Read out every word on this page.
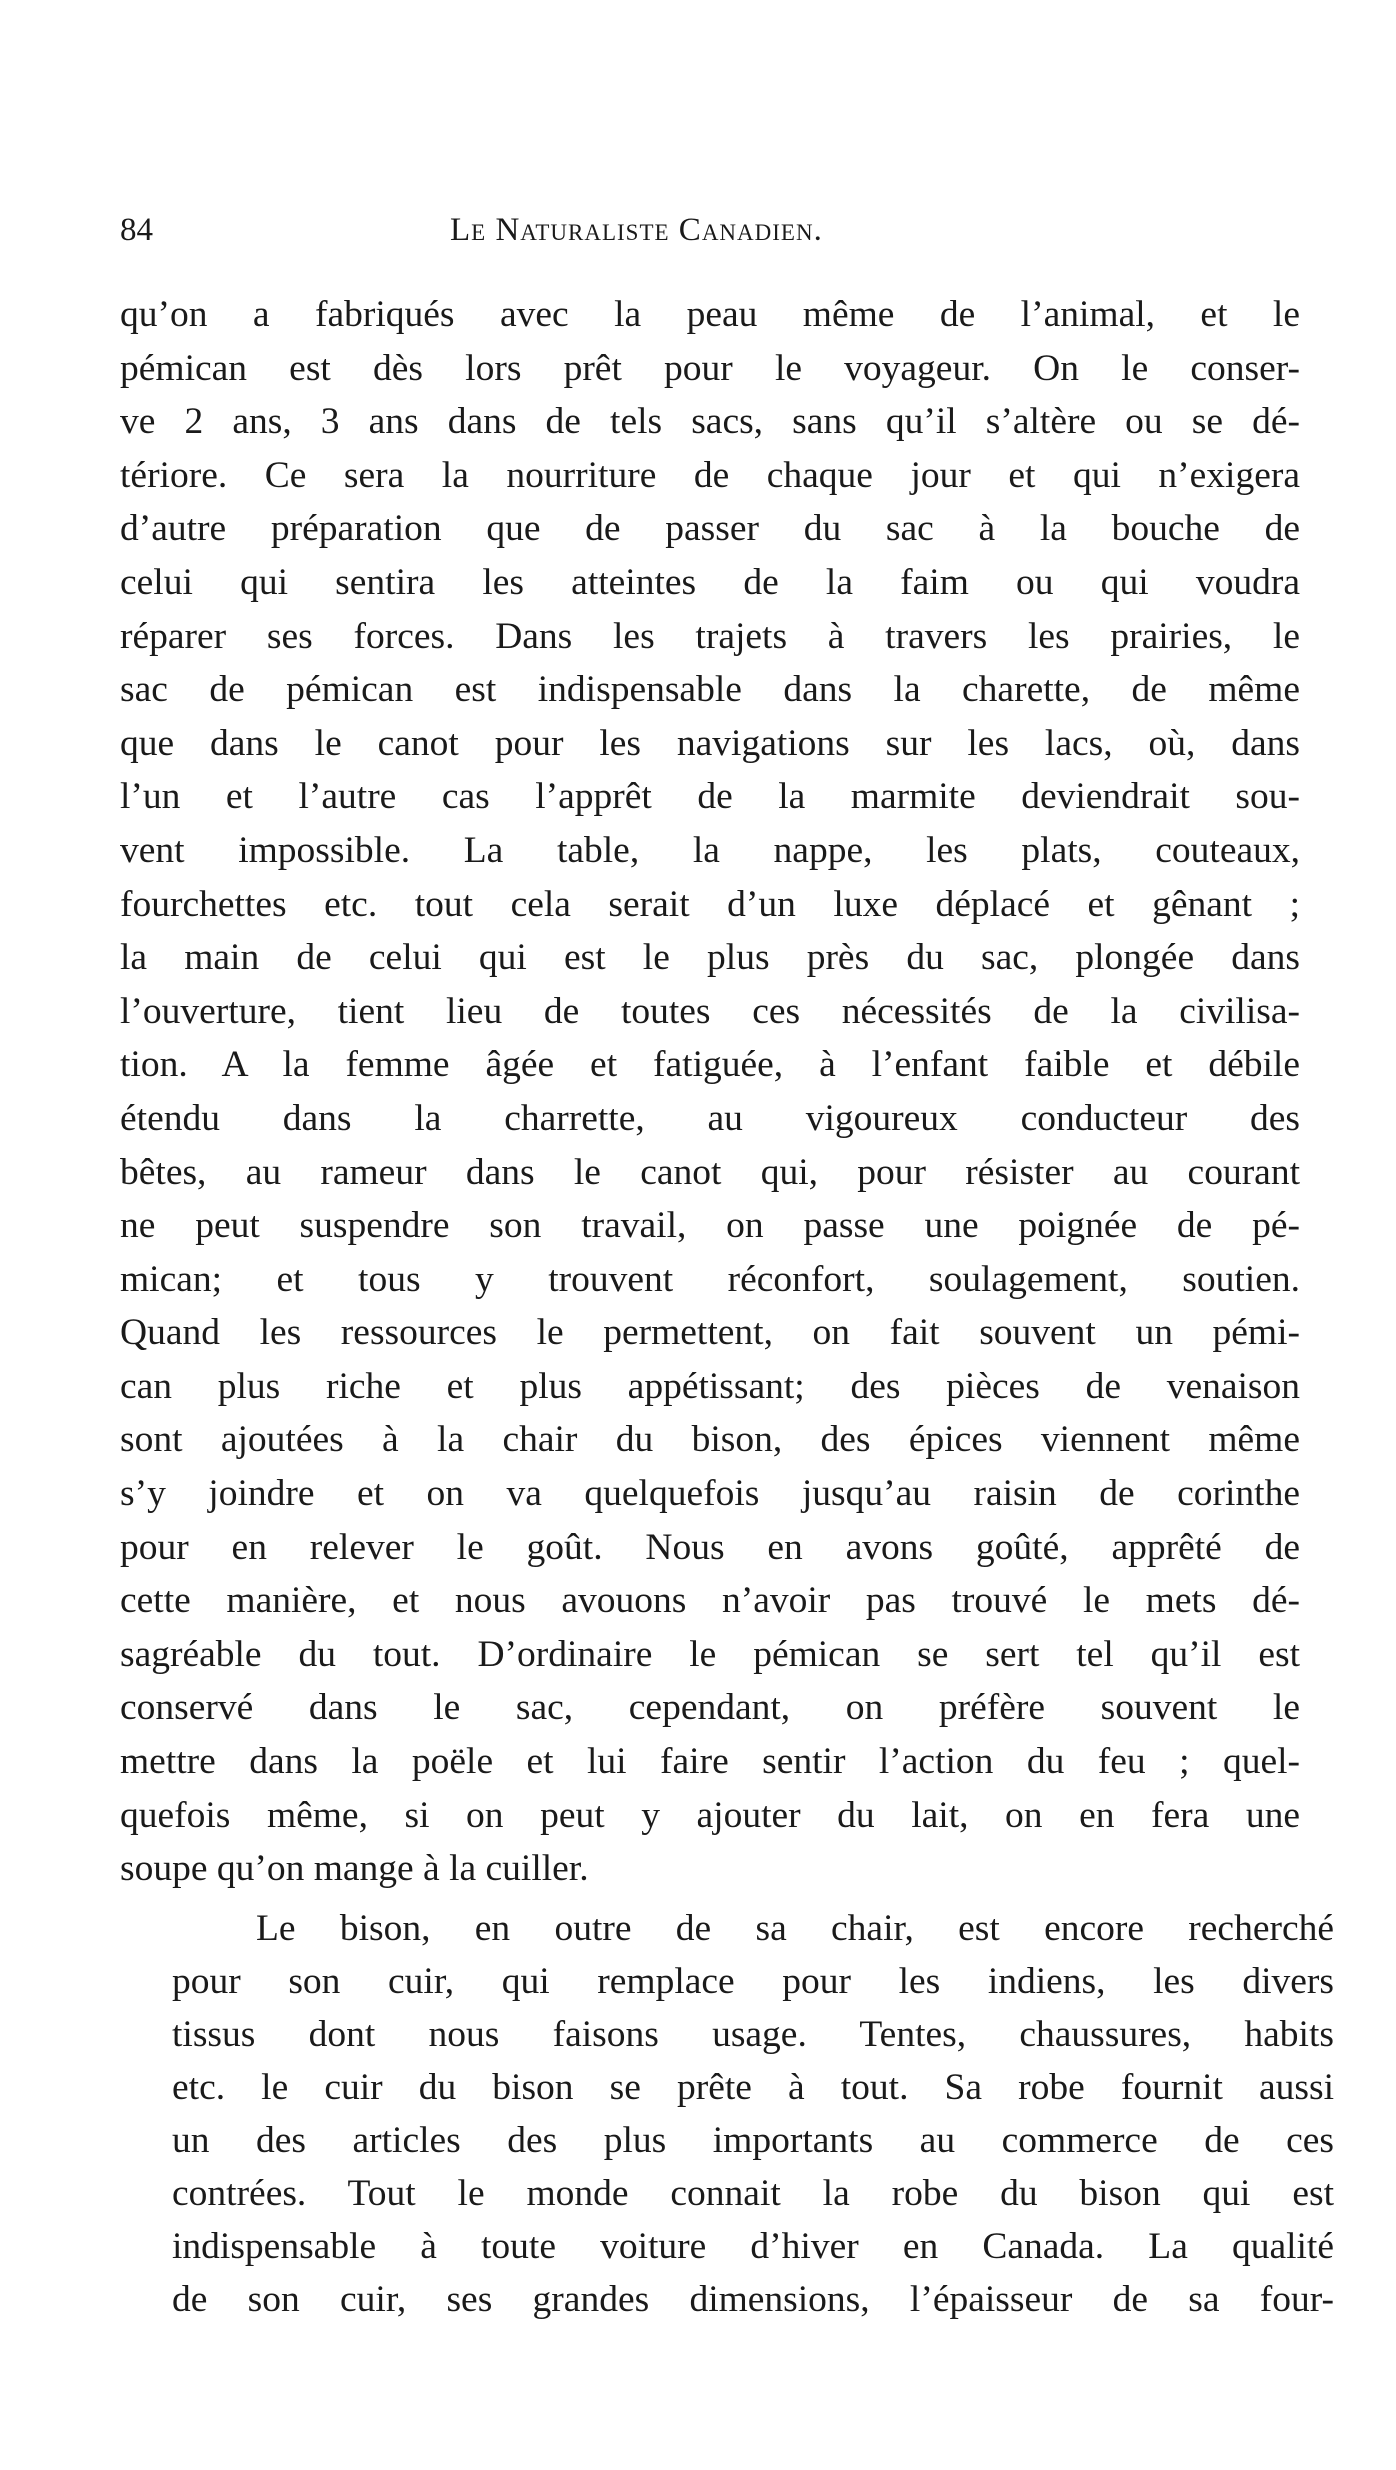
84	Le Naturaliste Canadien.
qu’on a fabriqués avec la peau même de l’animal, et le
pémican est dès lors prêt pour le voyageur. On le conser-
ve 2 ans, 3 ans dans de tels sacs, sans qu’il s’altère ou se dé-
tériore. Ce sera la nourriture de chaque jour et qui n’exigera
d’autre préparation que de passer du sac à la bouche de
celui qui sentira les atteintes de la faim ou qui voudra
réparer ses forces. Dans les trajets à travers les prairies, le
sac de pémican est indispensable dans la charette, de même
que dans le canot pour les navigations sur les lacs, où, dans
l’un et l’autre cas l’apprêt de la marmite deviendrait sou-
vent impossible. La table, la nappe, les plats, couteaux,
fourchettes etc. tout cela serait d’un luxe déplacé et gênant ;
la main de celui qui est le plus près du sac, plongée dans
l’ouverture, tient lieu de toutes ces nécessités de la civilisa-
tion. A la femme âgée et fatiguée, à l’enfant faible et débile
étendu dans la charrette, au vigoureux conducteur des
bêtes, au rameur dans le canot qui, pour résister au courant
ne peut suspendre son travail, on passe une poignée de pé-
mican; et tous y trouvent réconfort, soulagement, soutien.
Quand les ressources le permettent, on fait souvent un pémi-
can plus riche et plus appétissant; des pièces de venaison
sont ajoutées à la chair du bison, des épices viennent même
s’y joindre et on va quelquefois jusqu’au raisin de corinthe
pour en relever le goût. Nous en avons goûté, apprêté de
cette manière, et nous avouons n’avoir pas trouvé le mets dé-
sagréable du tout. D’ordinaire le pémican se sert tel qu’il est
conservé dans le sac, cependant, on préfère souvent le
mettre dans la poële et lui faire sentir l’action du feu ; quel-
quefois même, si on peut y ajouter du lait, on en fera une
soupe qu’on mange à la cuiller.
Le bison, en outre de sa chair, est encore recherché
pour son cuir, qui remplace pour les indiens, les divers
tissus dont nous faisons usage. Tentes, chaussures, habits
etc. le cuir du bison se prête à tout. Sa robe fournit aussi
un des articles des plus importants au commerce de ces
contrées. Tout le monde connait la robe du bison qui est
indispensable à toute voiture d’hiver en Canada. La qualité
de son cuir, ses grandes dimensions, l’épaisseur de sa four-
